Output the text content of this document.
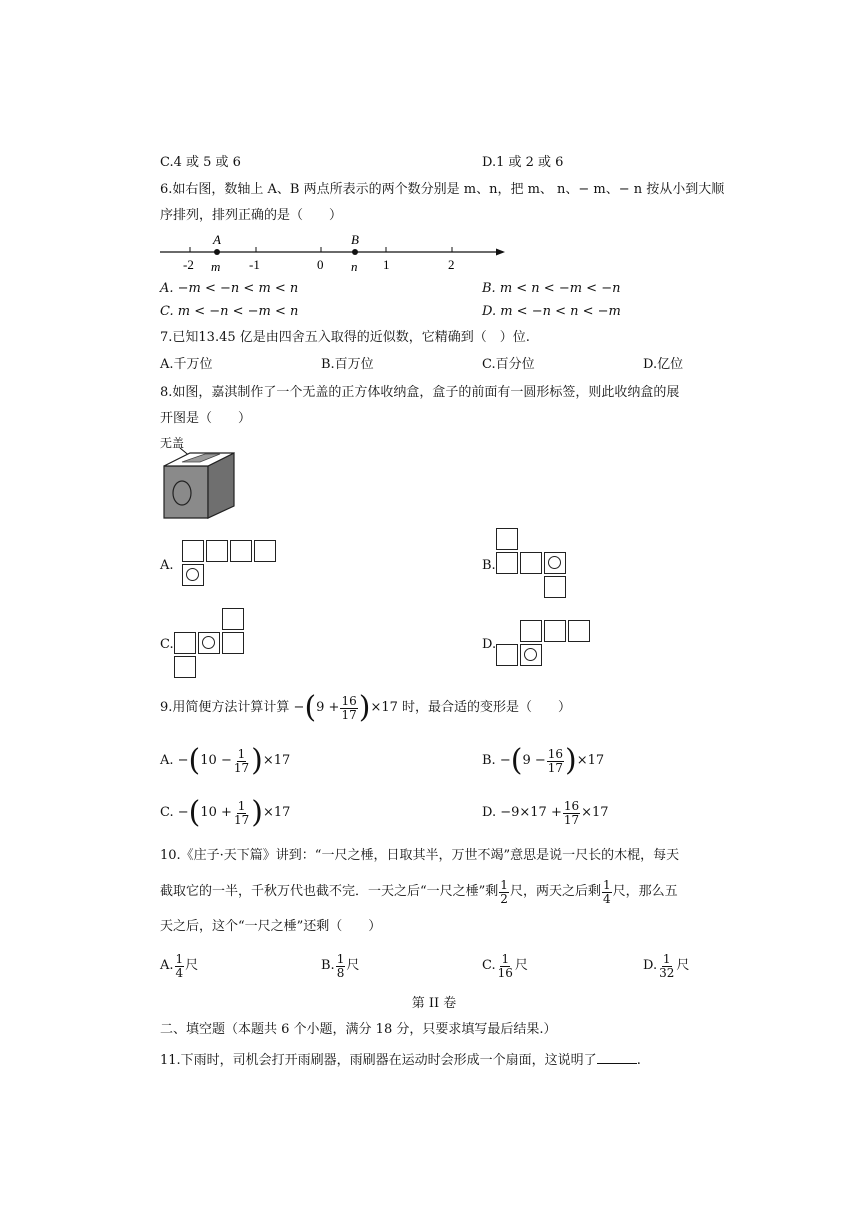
C.4 或 5 或 6	D.1 或 2 或 6
6.如右图，数轴上 A、B 两点所表示的两个数分别是 m、n，把 m、 n、− m、− n 按从小到大顺
序排列，排列正确的是（　　）
-2	-1	0	1	2
A	B
m	n
A. −m < −n < m < n	B. m < n < −m < −n
C. m < −n < −m < n	D. m < −n < n < −m
7.已知13.45 亿是由四舍五入取得的近似数，它精确到（　）位.
A.千万位	B.百万位	C.百分位	D.亿位
8.如图，嘉淇制作了一个无盖的正方体收纳盒，盒子的前面有一圆形标签，则此收纳盒的展
开图是（　　）
无盖
A.	B.
C.	D.
9.用简便方法计算计算 − ( $9 + \frac{16}{17}$ ) ×17 时，最合适的变形是（　　）
A. − ( $10 - \frac{1}{17}$ ) ×17	B. − ( $9 - \frac{16}{17}$ ) ×17
C. − ( $10 + \frac{1}{17}$ ) ×17	D. $-9\times 17 + \frac{16}{17} \times 17$
10.《庄子·天下篇》讲到：“一尺之棰，日取其半，万世不竭”意思是说一尺长的木棍，每天
截取它的一半，千秋万代也截不完．一天之后“一尺之棰”剩 $\frac{1}{2}$ 尺，两天之后剩 $\frac{1}{4}$ 尺，那么五
天之后，这个“一尺之棰”还剩（　　）
A. $\frac{1}{4}$ 尺	B. $\frac{1}{8}$ 尺	C. $\frac{1}{16}$ 尺	D. $\frac{1}{32}$ 尺
第 II 卷
二、填空题（本题共 6 个小题，满分 18 分，只要求填写最后结果.）
11.下雨时，司机会打开雨刷器，雨刷器在运动时会形成一个扇面，这说明了	.
